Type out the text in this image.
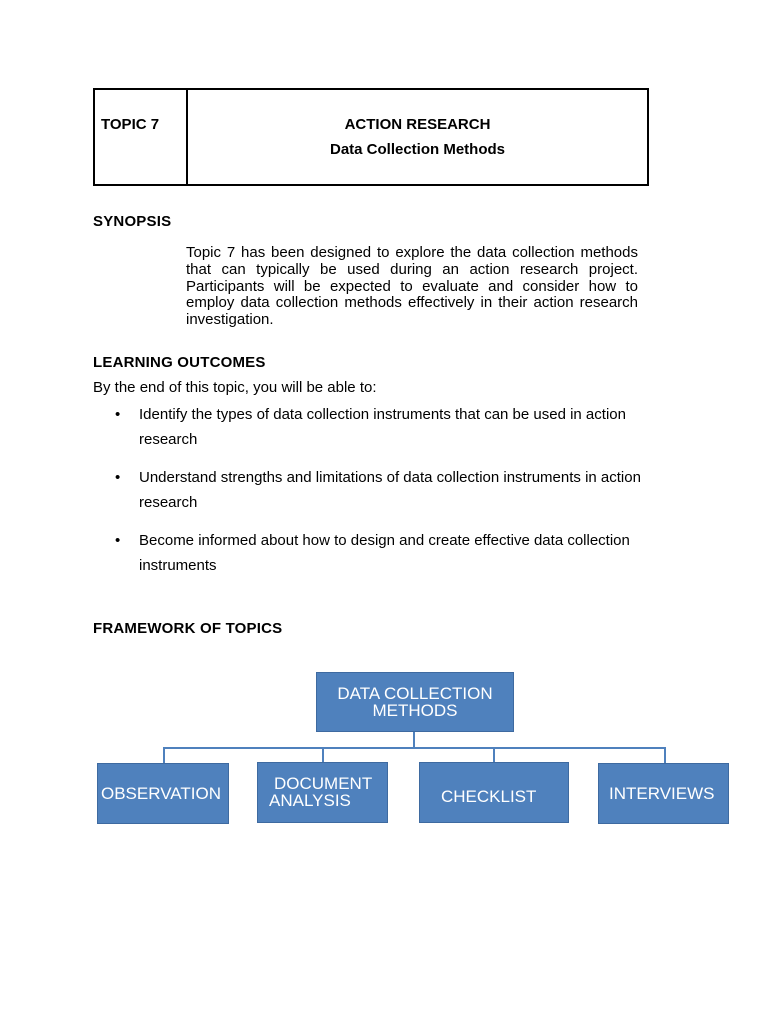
TOPIC 7	ACTION RESEARCH
Data Collection Methods
SYNOPSIS
Topic 7 has been designed to explore the data collection methods that can typically be used during an action research project. Participants will be expected to evaluate and consider how to employ data collection methods effectively in their action research investigation.
LEARNING OUTCOMES
By the end of this topic, you will be able to:
• Identify the types of data collection instruments that can be used in action research
• Understand strengths and limitations of data collection instruments in action research
• Become informed about how to design and create effective data collection instruments
FRAMEWORK OF TOPICS
DATA COLLECTION
METHODS
OBSERVATION
DOCUMENT
ANALYSIS	CHECKLIST	INTERVIEWS
